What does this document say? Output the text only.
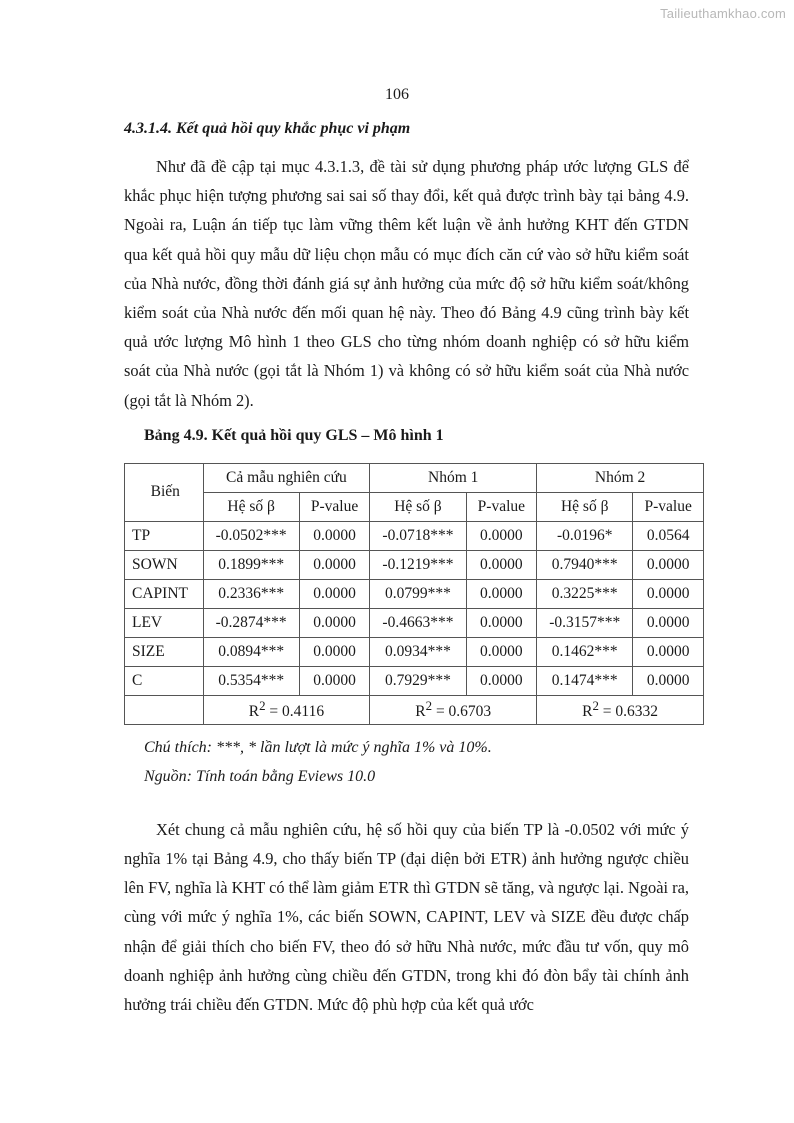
Tailieuthamkhao.com
106

4.3.1.4. Kết quả hồi quy khắc phục vi phạm

Như đã đề cập tại mục 4.3.1.3, đề tài sử dụng phương pháp ước lượng GLS để khắc phục hiện tượng phương sai sai số thay đổi, kết quả được trình bày tại bảng 4.9. Ngoài ra, Luận án tiếp tục làm vững thêm kết luận về ảnh hưởng KHT đến GTDN qua kết quả hồi quy mẫu dữ liệu chọn mẫu có mục đích căn cứ vào sở hữu kiểm soát của Nhà nước, đồng thời đánh giá sự ảnh hưởng của mức độ sở hữu kiểm soát/không kiểm soát của Nhà nước đến mối quan hệ này. Theo đó Bảng 4.9 cũng trình bày kết quả ước lượng Mô hình 1 theo GLS cho từng nhóm doanh nghiệp có sở hữu kiểm soát của Nhà nước (gọi tắt là Nhóm 1) và không có sở hữu kiểm soát của Nhà nước (gọi tắt là Nhóm 2).

Bảng 4.9. Kết quả hồi quy GLS – Mô hình 1

Biến	Cả mẫu nghiên cứu		Nhóm 1		Nhóm 2	
	Hệ số β	P-value	Hệ số β	P-value	Hệ số β	P-value
TP	-0.0502***	0.0000	-0.0718***	0.0000	-0.0196*	0.0564
SOWN	0.1899***	0.0000	-0.1219***	0.0000	0.7940***	0.0000
CAPINT	0.2336***	0.0000	0.0799***	0.0000	0.3225***	0.0000
LEV	-0.2874***	0.0000	-0.4663***	0.0000	-0.3157***	0.0000
SIZE	0.0894***	0.0000	0.0934***	0.0000	0.1462***	0.0000
C	0.5354***	0.0000	0.7929***	0.0000	0.1474***	0.0000
	$R^2 = 0.4116$		$R^2 = 0.6703$		$R^2 = 0.6332$	
Chú thích: ***, * lần lượt là mức ý nghĩa 1% và 10%.
Nguồn: Tính toán bằng Eviews 10.0

Xét chung cả mẫu nghiên cứu, hệ số hồi quy của biến TP là -0.0502 với mức ý nghĩa 1% tại Bảng 4.9, cho thấy biến TP (đại diện bởi ETR) ảnh hưởng ngược chiều lên FV, nghĩa là KHT có thể làm giảm ETR thì GTDN sẽ tăng, và ngược lại. Ngoài ra, cùng với mức ý nghĩa 1%, các biến SOWN, CAPINT, LEV và SIZE đều được chấp nhận để giải thích cho biến FV, theo đó sở hữu Nhà nước, mức đầu tư vốn, quy mô doanh nghiệp ảnh hưởng cùng chiều đến GTDN, trong khi đó đòn bẩy tài chính ảnh hưởng trái chiều đến GTDN. Mức độ phù hợp của kết quả ước
